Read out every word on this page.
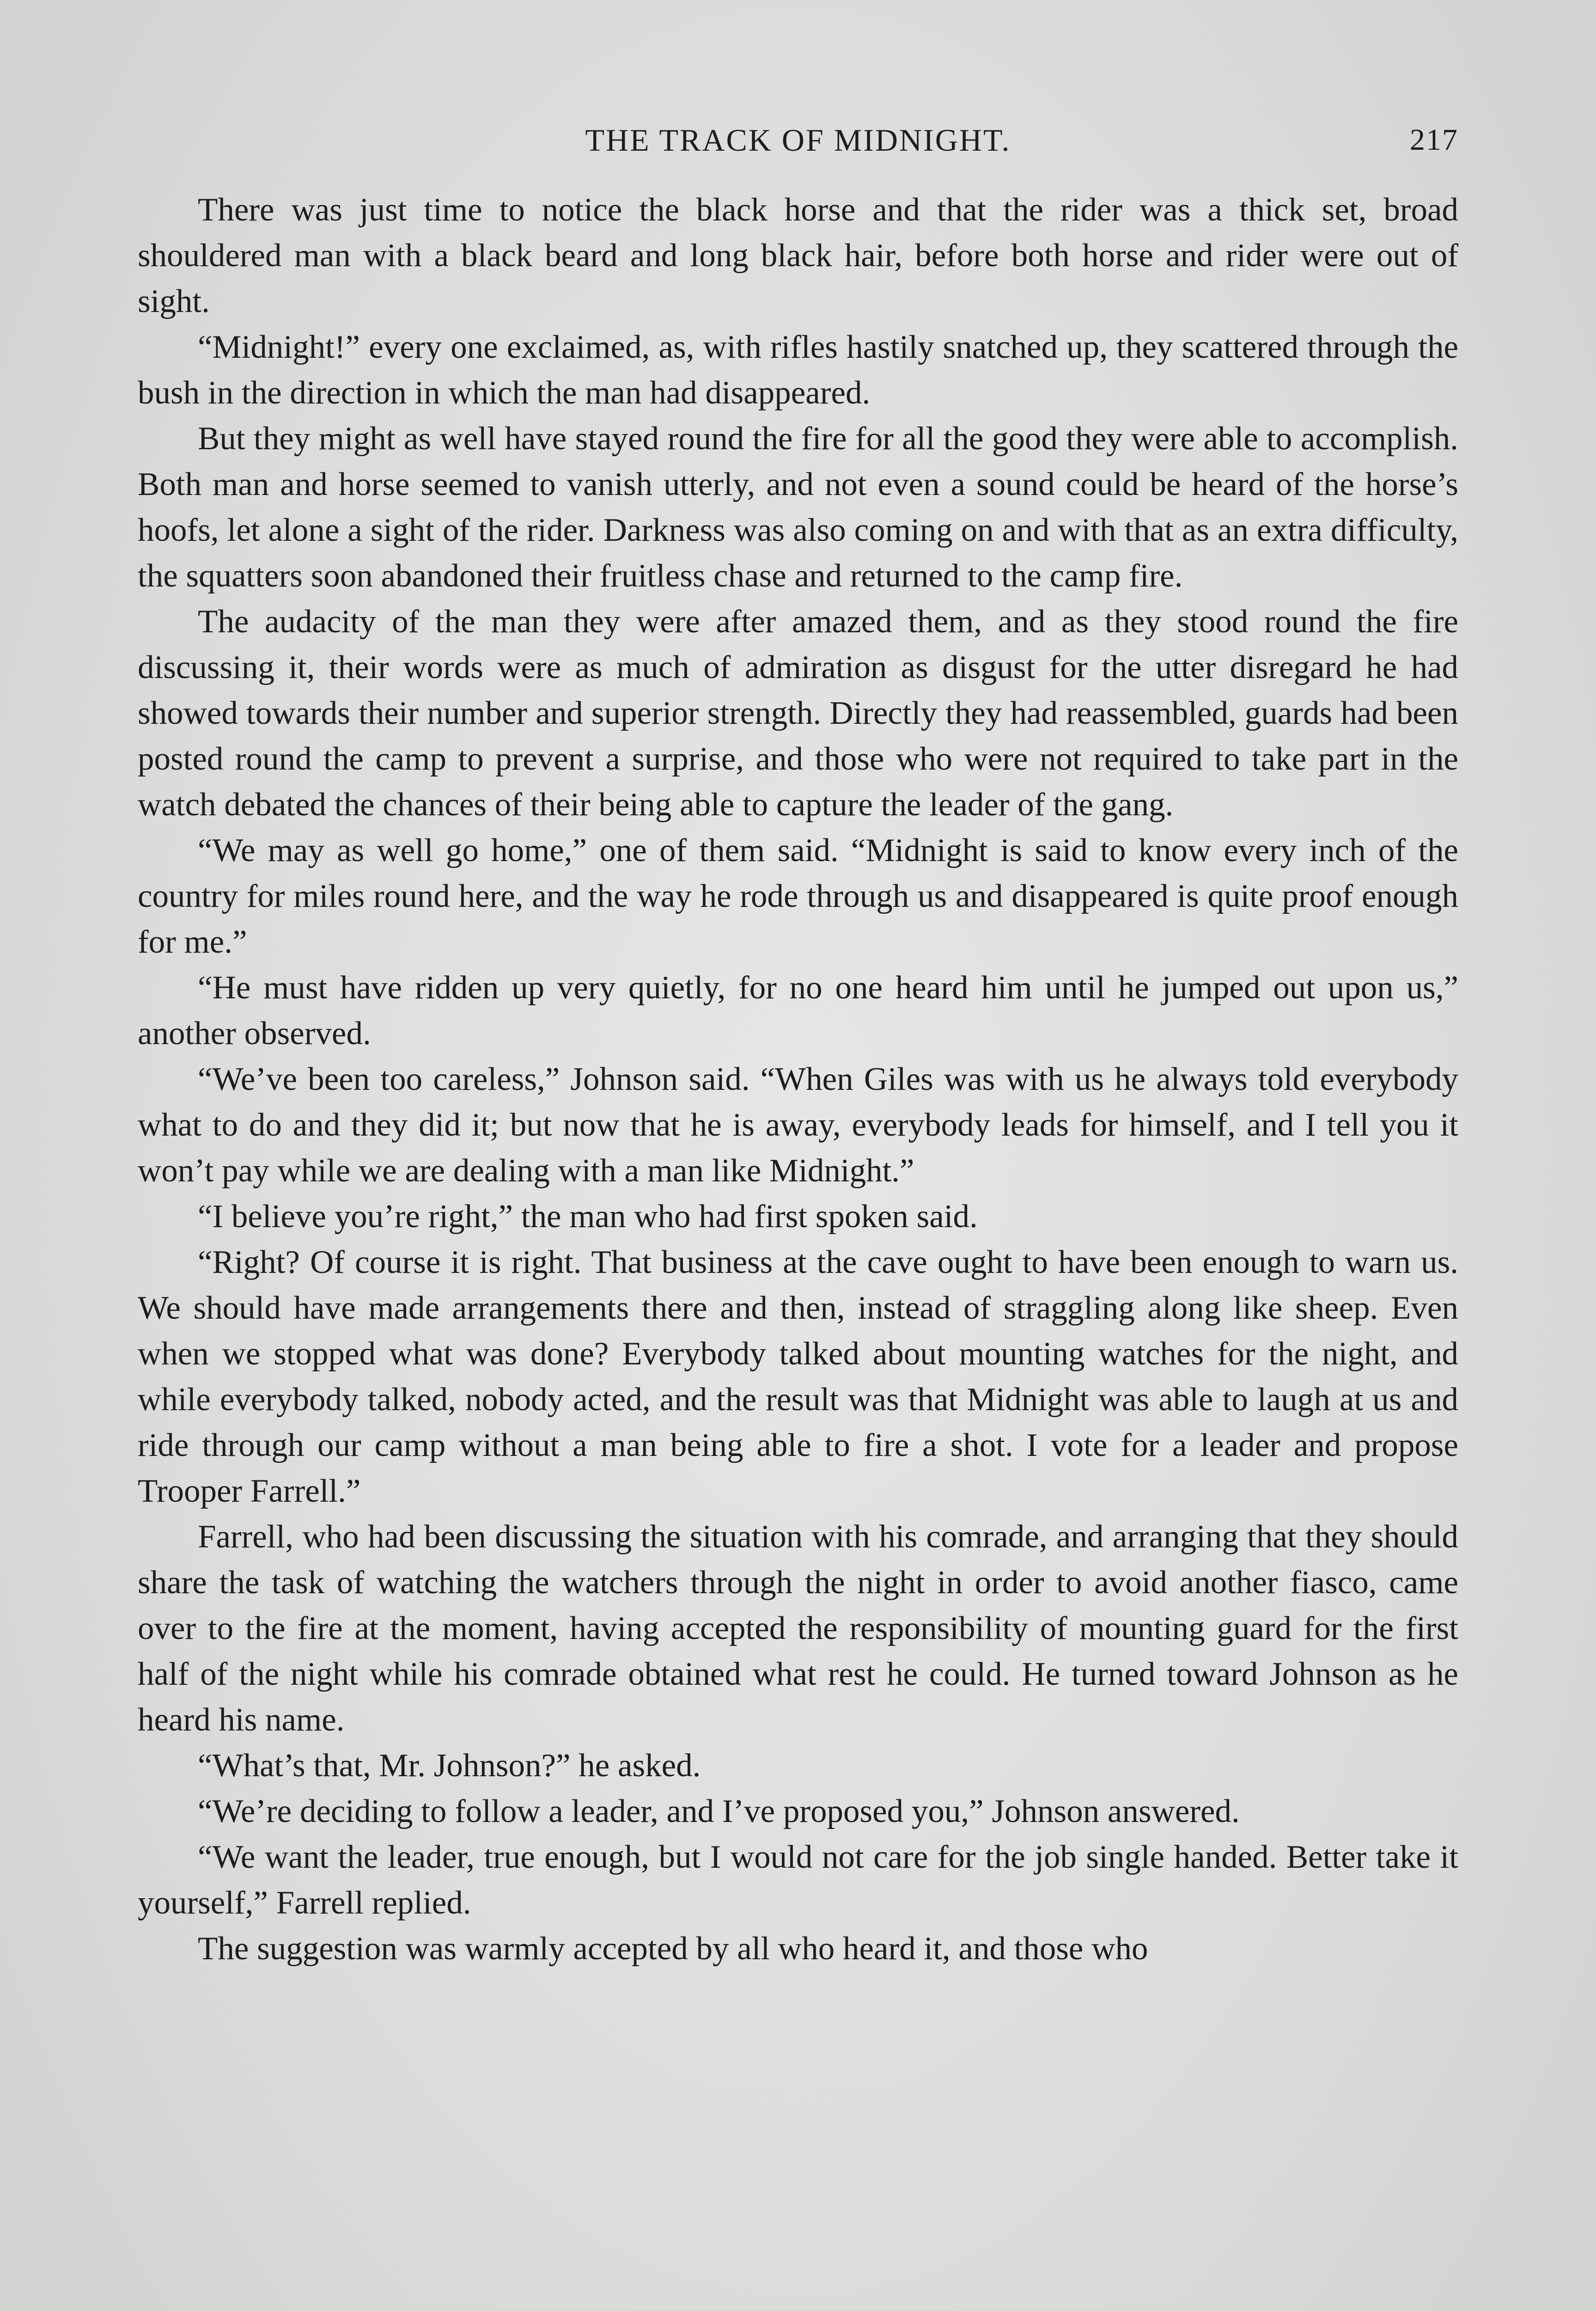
THE TRACK OF MIDNIGHT.	217

There was just time to notice the black horse and that the rider was a thick set, broad shouldered man with a black beard and long black hair, before both horse and rider were out of sight.

“Midnight!” every one exclaimed, as, with rifles hastily snatched up, they scattered through the bush in the direction in which the man had disappeared.

But they might as well have stayed round the fire for all the good they were able to accomplish. Both man and horse seemed to vanish utterly, and not even a sound could be heard of the horse’s hoofs, let alone a sight of the rider. Darkness was also coming on and with that as an extra difficulty, the squatters soon abandoned their fruitless chase and returned to the camp fire.

The audacity of the man they were after amazed them, and as they stood round the fire discussing it, their words were as much of admiration as disgust for the utter disregard he had showed towards their number and superior strength. Directly they had reassembled, guards had been posted round the camp to prevent a surprise, and those who were not required to take part in the watch debated the chances of their being able to capture the leader of the gang.

“We may as well go home,” one of them said. “Midnight is said to know every inch of the country for miles round here, and the way he rode through us and disappeared is quite proof enough for me.”

“He must have ridden up very quietly, for no one heard him until he jumped out upon us,” another observed.

“We’ve been too careless,” Johnson said. “When Giles was with us he always told everybody what to do and they did it; but now that he is away, everybody leads for himself, and I tell you it won’t pay while we are dealing with a man like Midnight.”

“I believe you’re right,” the man who had first spoken said.

“Right? Of course it is right. That business at the cave ought to have been enough to warn us. We should have made arrangements there and then, instead of straggling along like sheep. Even when we stopped what was done? Everybody talked about mounting watches for the night, and while everybody talked, nobody acted, and the result was that Midnight was able to laugh at us and ride through our camp without a man being able to fire a shot. I vote for a leader and propose Trooper Farrell.”

Farrell, who had been discussing the situation with his comrade, and arranging that they should share the task of watching the watchers through the night in order to avoid another fiasco, came over to the fire at the moment, having accepted the responsibility of mounting guard for the first half of the night while his comrade obtained what rest he could. He turned toward Johnson as he heard his name.

“What’s that, Mr. Johnson?” he asked.

“We’re deciding to follow a leader, and I’ve proposed you,” Johnson answered.

“We want the leader, true enough, but I would not care for the job single handed. Better take it yourself,” Farrell replied.

The suggestion was warmly accepted by all who heard it, and those who
